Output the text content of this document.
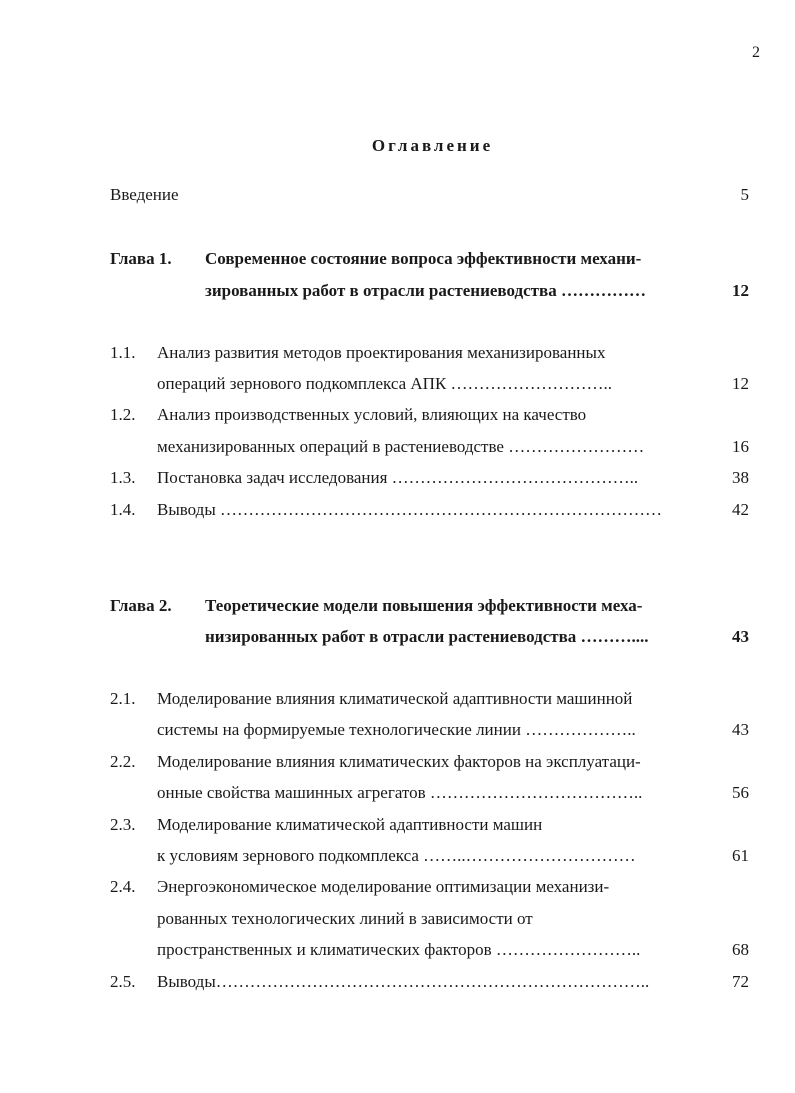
2
Оглавление
Введение	5
Глава 1. Современное состояние вопроса эффективности механи-
зированных работ в отрасли растениеводства ……………	12
1.1. Анализ развития методов проектирования механизированных
операций зернового подкомплекса АПК ………………………..	12
1.2. Анализ производственных условий, влияющих на качество
механизированных операций в растениеводстве ……………………	16
1.3. Постановка задач исследования ……………………………………..	38
1.4. Выводы ……………………………………………………………………	42
Глава 2. Теоретические модели повышения эффективности меха-
низированных работ в отрасли растениеводства ………....	43
2.1. Моделирование влияния климатической адаптивности машинной
системы на формируемые технологические линии ………………..	43
2.2. Моделирование влияния климатических факторов на эксплуатаци-
онные свойства машинных агрегатов ………………………………..	56
2.3. Моделирование климатической адаптивности машин
к условиям зернового подкомплекса ……..…………………………	61
2.4. Энергоэкономическое моделирование оптимизации механизи-
рованных технологических линий в зависимости от
пространственных и климатических факторов ……………………..	68
2.5. Выводы…………………………………………………………………..	72
